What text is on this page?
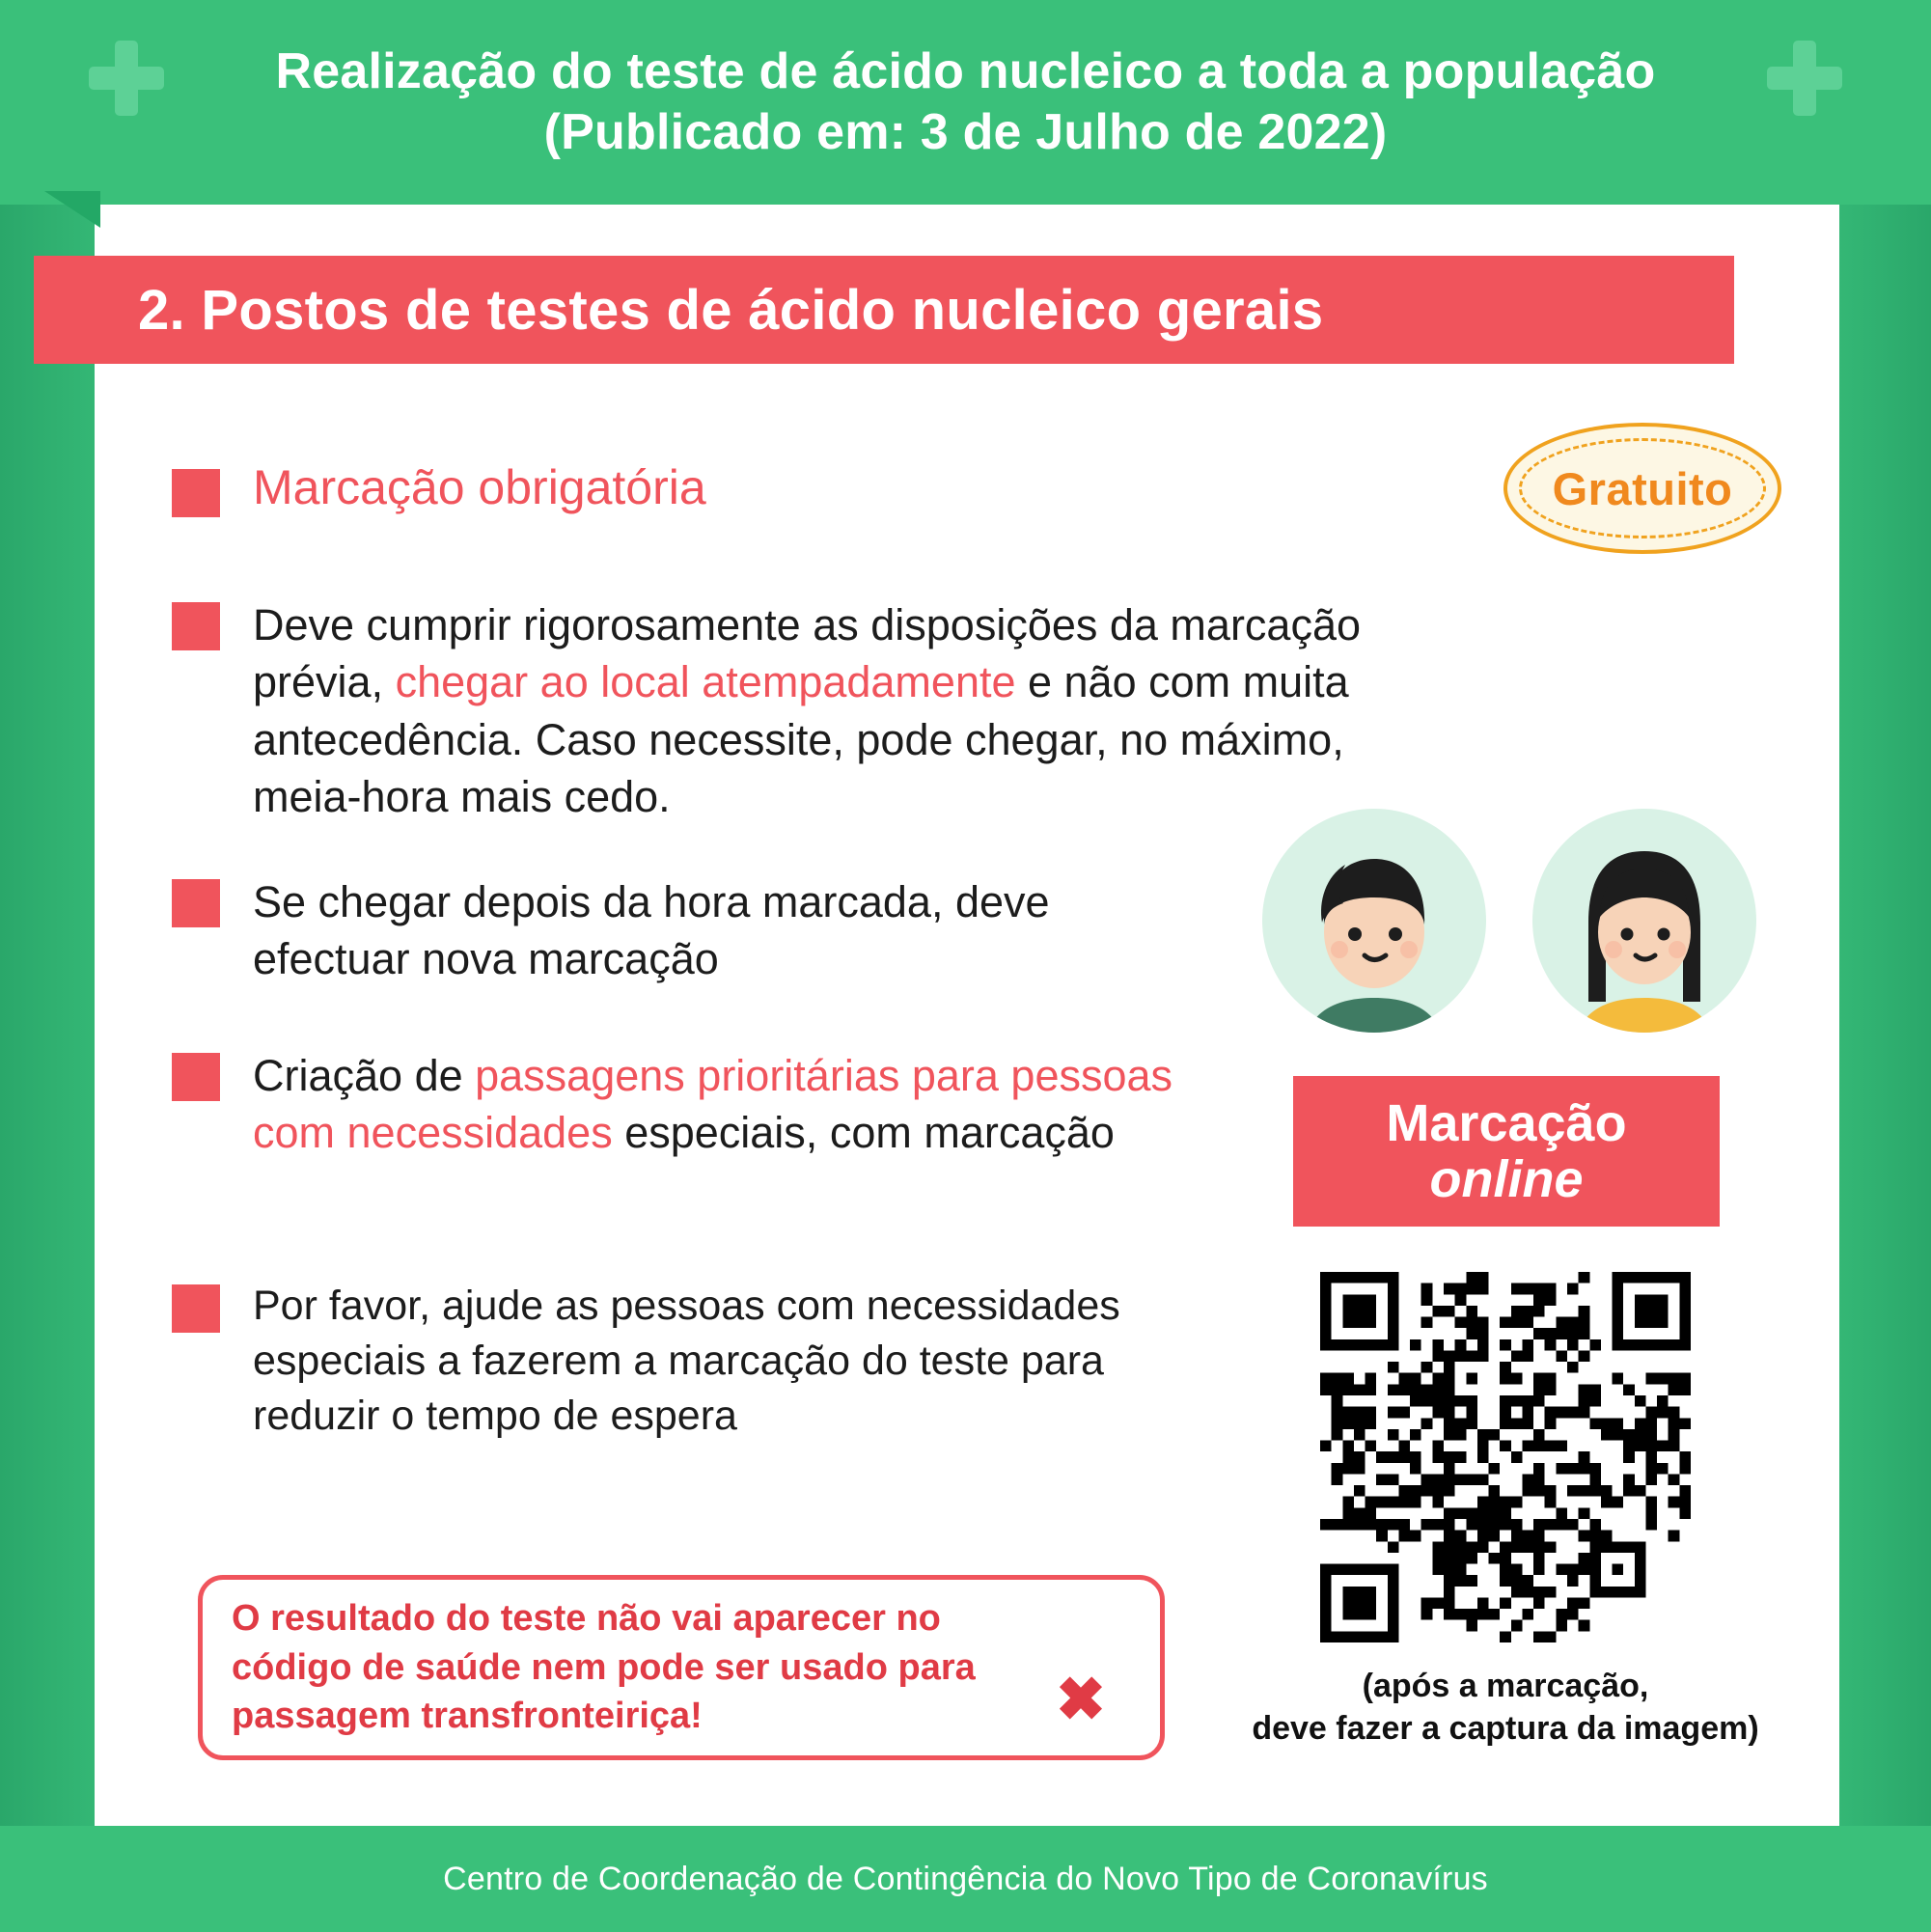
Realização do teste de ácido nucleico a toda a população
(Publicado em: 3 de Julho de 2022)
2. Postos de testes de ácido nucleico gerais
Marcação obrigatória
Deve cumprir rigorosamente as disposições da marcação prévia, chegar ao local atempadamente e não com muita antecedência. Caso necessite, pode chegar, no máximo, meia-hora mais cedo.
Se chegar depois da hora marcada, deve efectuar nova marcação
Criação de passagens prioritárias para pessoas com necessidades especiais, com marcação
Por favor, ajude as pessoas com necessidades especiais a fazerem a marcação do teste para reduzir o tempo de espera
Gratuito
Marcação
online
(após a marcação,
deve fazer a captura da imagem)
O resultado do teste não vai aparecer no código de saúde nem pode ser usado para passagem transfronteiriça!	✖
Centro de Coordenação de Contingência do Novo Tipo de Coronavírus
